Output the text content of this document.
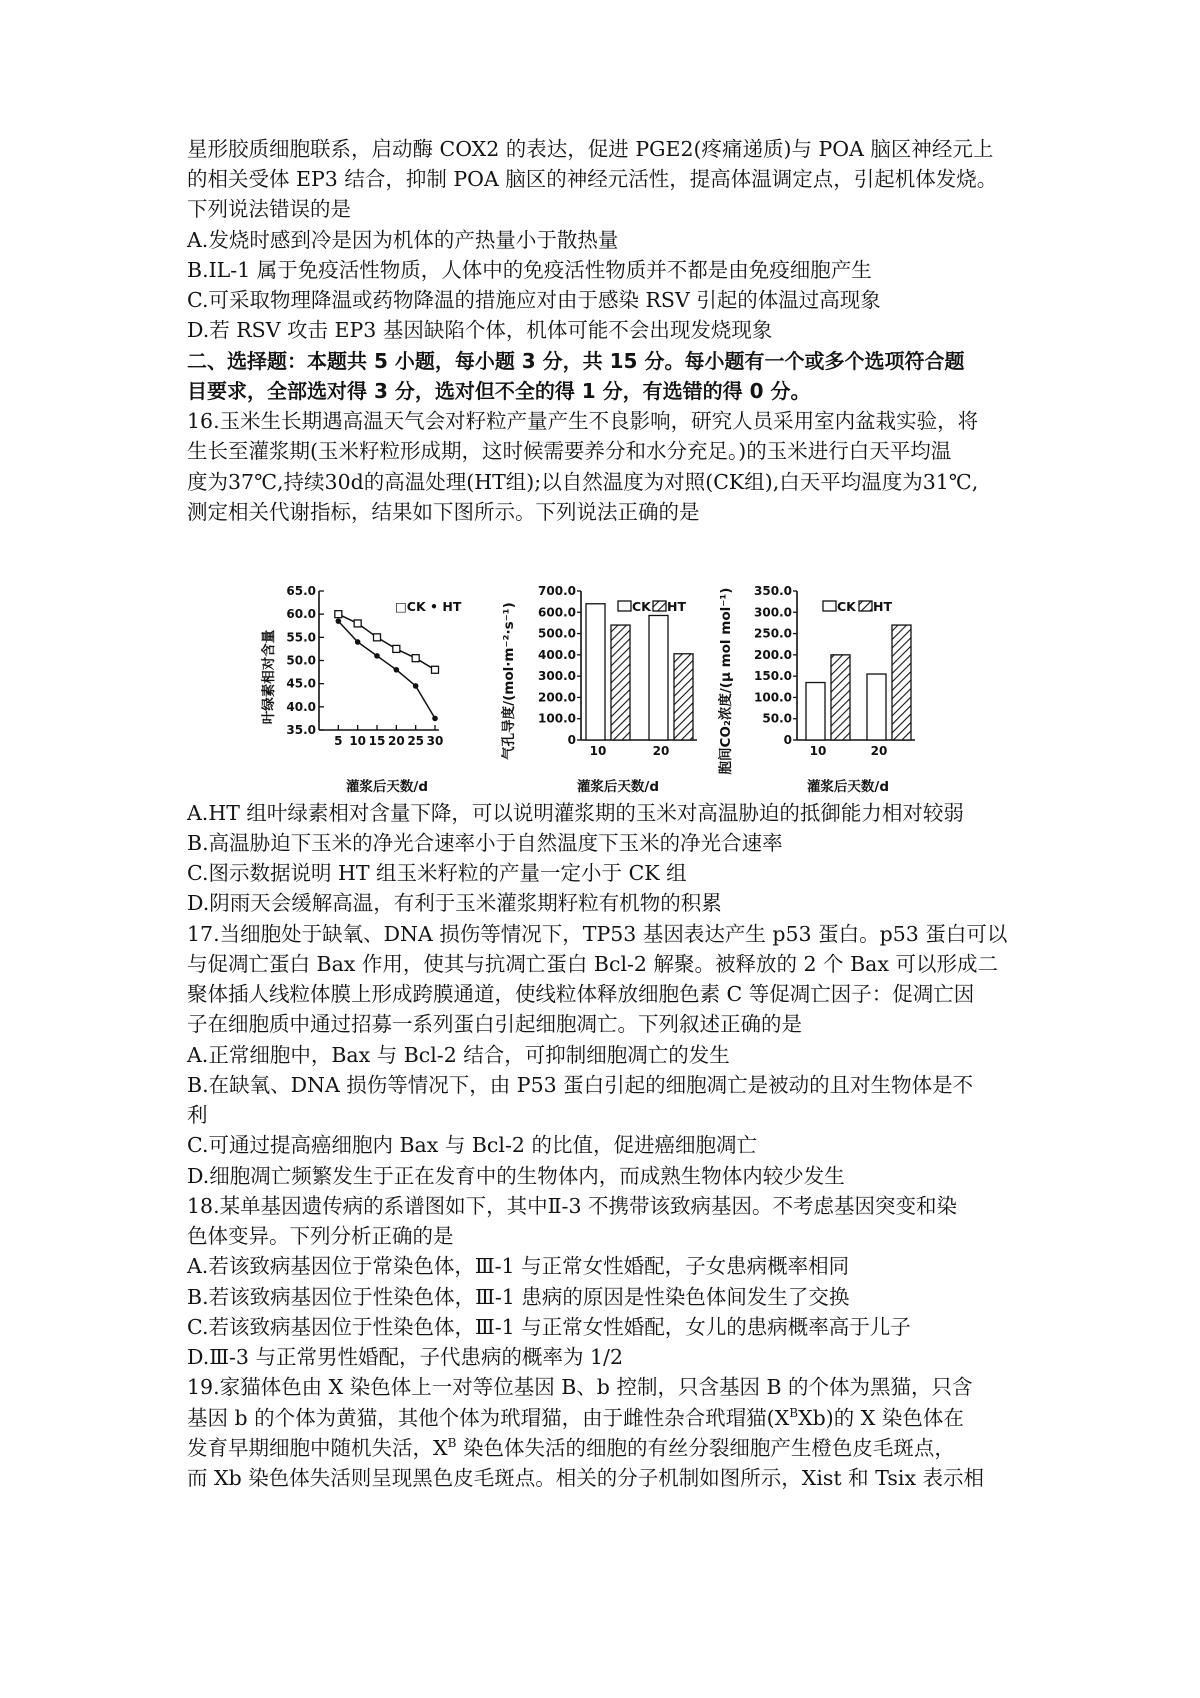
星形胶质细胞联系，启动酶 COX2 的表达，促进 PGE2(疼痛递质)与 POA 脑区神经元上
的相关受体 EP3 结合，抑制 POA 脑区的神经元活性，提高体温调定点，引起机体发烧。
下列说法错误的是
A.发烧时感到冷是因为机体的产热量小于散热量
B.IL-1 属于免疫活性物质，人体中的免疫活性物质并不都是由免疫细胞产生
C.可采取物理降温或药物降温的措施应对由于感染 RSV 引起的体温过高现象
D.若 RSV 攻击 EP3 基因缺陷个体，机体可能不会出现发烧现象
二、选择题：本题共 5 小题，每小题 3 分，共 15 分。每小题有一个或多个选项符合题
目要求，全部选对得 3 分，选对但不全的得 1 分，有选错的得 0 分。
16.玉米生长期遇高温天气会对籽粒产量产生不良影响，研究人员采用室内盆栽实验，将
生长至灌浆期(玉米籽粒形成期，这时候需要养分和水分充足。)的玉米进行白天平均温
度为37℃,持续30d的高温处理(HT组);以自然温度为对照(CK组),白天平均温度为31℃,
测定相关代谢指标，结果如下图所示。下列说法正确的是
叶绿素相对含量
□CK • HT
灌浆后天数/d
35.0
40.0
45.0
50.0
55.0
60.0
65.0
5 10 15 20 25 30	气孔导度/(mol·m⁻²·s⁻¹)	CK HT
灌浆后天数/d
0
100.0
200.0
300.0
400.0
500.0
600.0
700.0
10	20	胞间CO₂浓度/(μ mol mol⁻¹)	CK HT
灌浆后天数/d
0
50.0
100.0
150.0
200.0
250.0
300.0
350.0
10	20
A.HT 组叶绿素相对含量下降，可以说明灌浆期的玉米对高温胁迫的抵御能力相对较弱
B.高温胁迫下玉米的净光合速率小于自然温度下玉米的净光合速率
C.图示数据说明 HT 组玉米籽粒的产量一定小于 CK 组
D.阴雨天会缓解高温，有利于玉米灌浆期籽粒有机物的积累
17.当细胞处于缺氧、DNA 损伤等情况下，TP53 基因表达产生 p53 蛋白。p53 蛋白可以
与促凋亡蛋白 Bax 作用，使其与抗凋亡蛋白 Bcl-2 解聚。被释放的 2 个 Bax 可以形成二
聚体插人线粒体膜上形成跨膜通道，使线粒体释放细胞色素 C 等促凋亡因子：促凋亡因
子在细胞质中通过招募一系列蛋白引起细胞凋亡。下列叙述正确的是
A.正常细胞中，Bax 与 Bcl-2 结合，可抑制细胞凋亡的发生
B.在缺氧、DNA 损伤等情况下，由 P53 蛋白引起的细胞凋亡是被动的且对生物体是不
利
C.可通过提高癌细胞内 Bax 与 Bcl-2 的比值，促进癌细胞凋亡
D.细胞凋亡频繁发生于正在发育中的生物体内，而成熟生物体内较少发生
18.某单基因遗传病的系谱图如下，其中Ⅱ-3 不携带该致病基因。不考虑基因突变和染
色体变异。下列分析正确的是
A.若该致病基因位于常染色体，Ⅲ-1 与正常女性婚配，子女患病概率相同
B.若该致病基因位于性染色体，Ⅲ-1 患病的原因是性染色体间发生了交换
C.若该致病基因位于性染色体，Ⅲ-1 与正常女性婚配，女儿的患病概率高于儿子
D.Ⅲ-3 与正常男性婚配，子代患病的概率为 1/2
19.家猫体色由 X 染色体上一对等位基因 B、b 控制，只含基因 B 的个体为黑猫，只含
基因 b 的个体为黄猫，其他个体为玳瑁猫，由于雌性杂合玳瑁猫$(X^BXb)$的 X 染色体在
发育早期细胞中随机失活，$X^B$ 染色体失活的细胞的有丝分裂细胞产生橙色皮毛斑点，
而 Xb 染色体失活则呈现黑色皮毛斑点。相关的分子机制如图所示，Xist 和 Tsix 表示相
